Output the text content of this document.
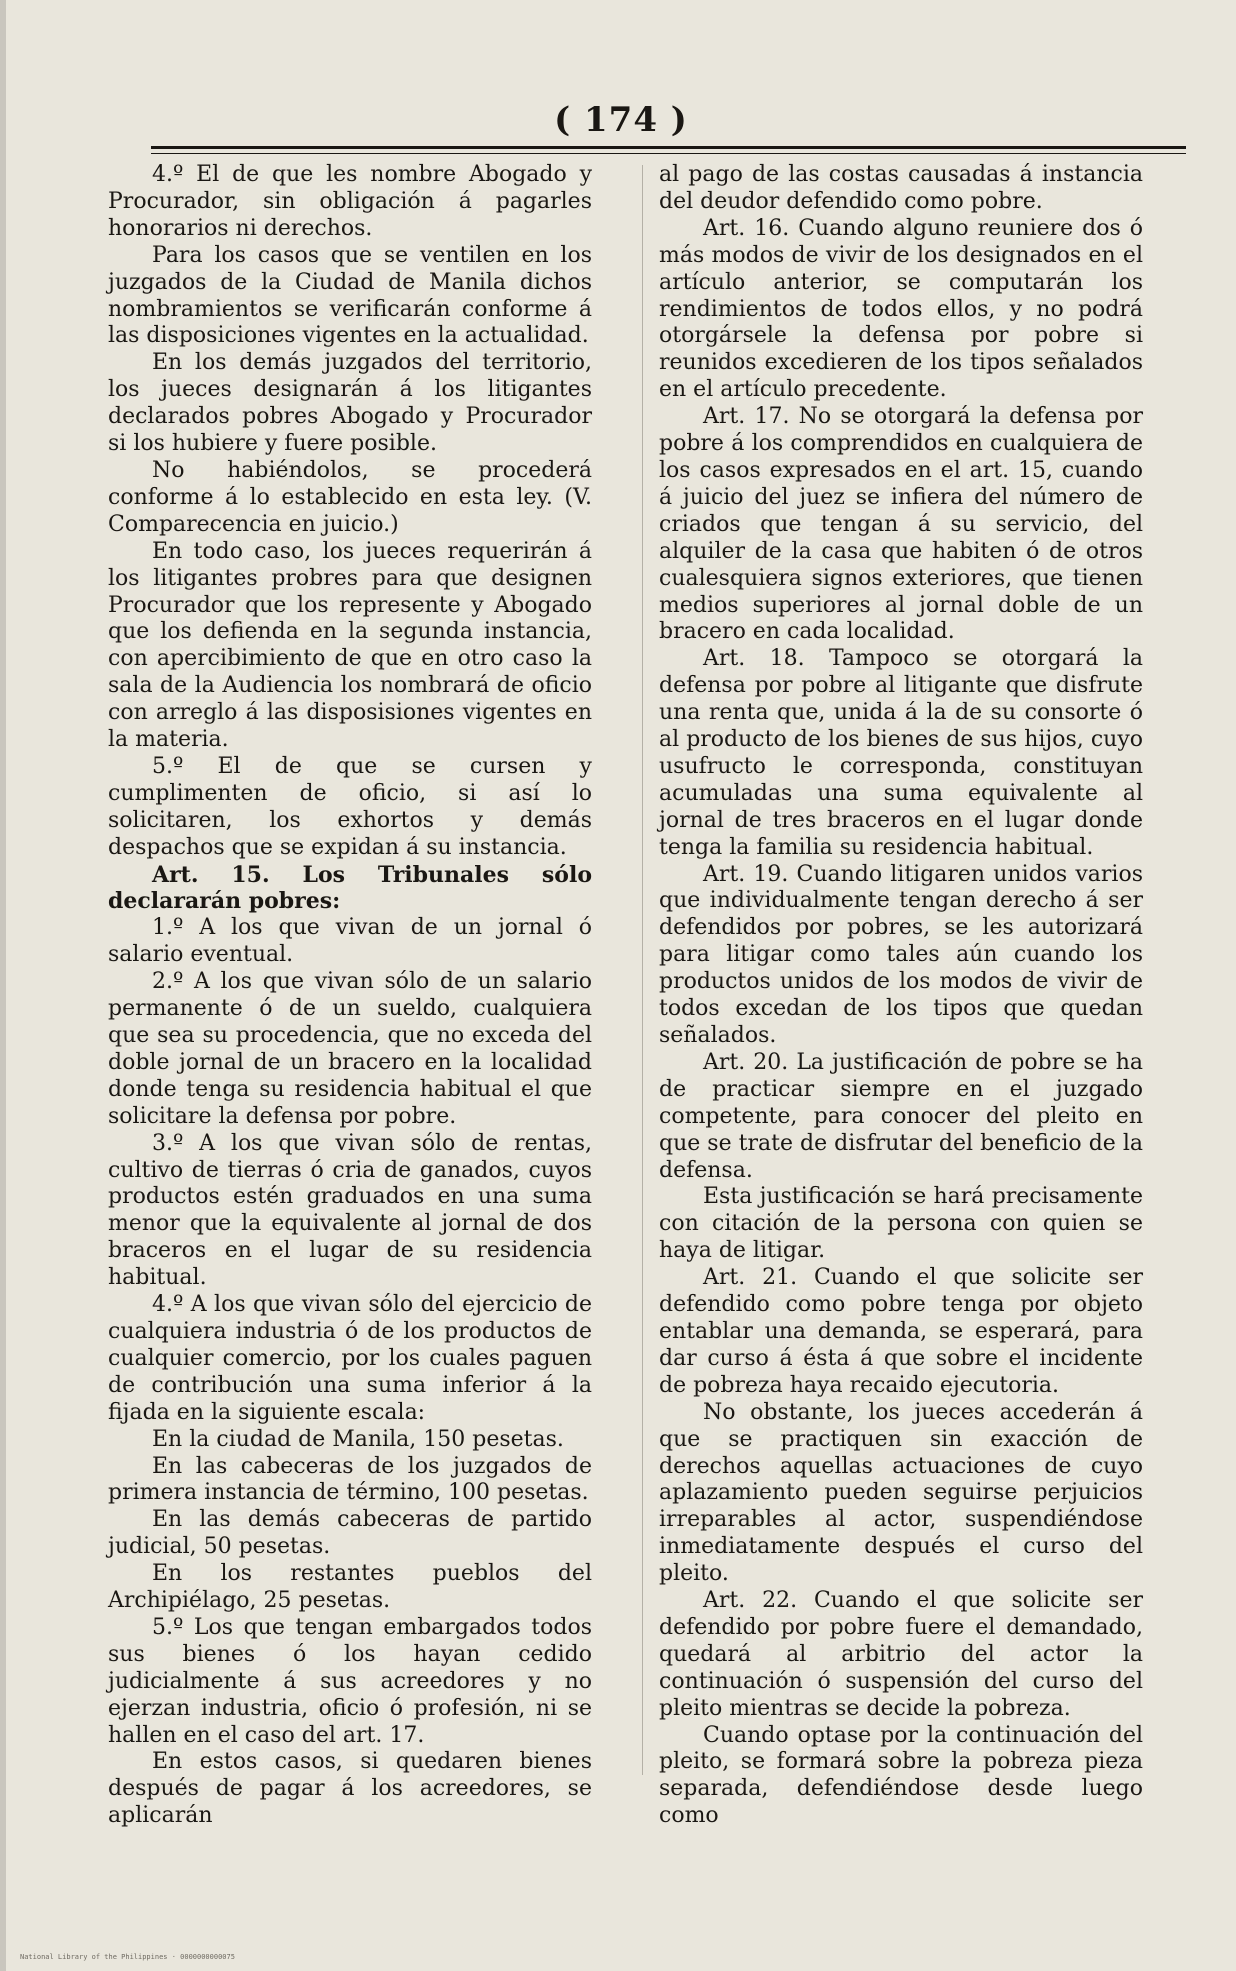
( 174 )

4.º El de que les nombre Abogado y Procurador, sin obligación á pagarles honorarios ni derechos.

Para los casos que se ventilen en los juzgados de la Ciudad de Manila dichos nombramientos se verificarán conforme á las disposiciones vigentes en la actualidad.

En los demás juzgados del territorio, los jueces designarán á los litigantes declarados pobres Abogado y Procurador si los hubiere y fuere posible.

No habiéndolos, se procederá conforme á lo establecido en esta ley. (V. Comparecencia en juicio.)

En todo caso, los jueces requerirán á los litigantes probres para que designen Procurador que los represente y Abogado que los defienda en la segunda instancia, con apercibimiento de que en otro caso la sala de la Audiencia los nombrará de oficio con arreglo á las disposisiones vigentes en la materia.

5.º El de que se cursen y cumplimenten de oficio, si así lo solicitaren, los exhortos y demás despachos que se expidan á su instancia.

Art. 15. Los Tribunales sólo declararán pobres:

1.º A los que vivan de un jornal ó salario eventual.

2.º A los que vivan sólo de un salario permanente ó de un sueldo, cualquiera que sea su procedencia, que no exceda del doble jornal de un bracero en la localidad donde tenga su residencia habitual el que solicitare la defensa por pobre.

3.º A los que vivan sólo de rentas, cultivo de tierras ó cria de ganados, cuyos productos estén graduados en una suma menor que la equivalente al jornal de dos braceros en el lugar de su residencia habitual.

4.º A los que vivan sólo del ejercicio de cualquiera industria ó de los productos de cualquier comercio, por los cuales paguen de contribución una suma inferior á la fijada en la siguiente escala:

En la ciudad de Manila, 150 pesetas.

En las cabeceras de los juzgados de primera instancia de término, 100 pesetas.

En las demás cabeceras de partido judicial, 50 pesetas.

En los restantes pueblos del Archipiélago, 25 pesetas.

5.º Los que tengan embargados todos sus bienes ó los hayan cedido judicialmente á sus acreedores y no ejerzan industria, oficio ó profesión, ni se hallen en el caso del art. 17.

En estos casos, si quedaren bienes después de pagar á los acreedores, se aplicarán

al pago de las costas causadas á instancia del deudor defendido como pobre.

Art. 16. Cuando alguno reuniere dos ó más modos de vivir de los designados en el artículo anterior, se computarán los rendimientos de todos ellos, y no podrá otorgársele la defensa por pobre si reunidos excedieren de los tipos señalados en el artículo precedente.

Art. 17. No se otorgará la defensa por pobre á los comprendidos en cualquiera de los casos expresados en el art. 15, cuando á juicio del juez se infiera del número de criados que tengan á su servicio, del alquiler de la casa que habiten ó de otros cualesquiera signos exteriores, que tienen medios superiores al jornal doble de un bracero en cada localidad.

Art. 18. Tampoco se otorgará la defensa por pobre al litigante que disfrute una renta que, unida á la de su consorte ó al producto de los bienes de sus hijos, cuyo usufructo le corresponda, constituyan acumuladas una suma equivalente al jornal de tres braceros en el lugar donde tenga la familia su residencia habitual.

Art. 19. Cuando litigaren unidos varios que individualmente tengan derecho á ser defendidos por pobres, se les autorizará para litigar como tales aún cuando los productos unidos de los modos de vivir de todos excedan de los tipos que quedan señalados.

Art. 20. La justificación de pobre se ha de practicar siempre en el juzgado competente, para conocer del pleito en que se trate de disfrutar del beneficio de la defensa.

Esta justificación se hará precisamente con citación de la persona con quien se haya de litigar.

Art. 21. Cuando el que solicite ser defendido como pobre tenga por objeto entablar una demanda, se esperará, para dar curso á ésta á que sobre el incidente de pobreza haya recaido ejecutoria.

No obstante, los jueces accederán á que se practiquen sin exacción de derechos aquellas actuaciones de cuyo aplazamiento pueden seguirse perjuicios irreparables al actor, suspendiéndose inmediatamente después el curso del pleito.

Art. 22. Cuando el que solicite ser defendido por pobre fuere el demandado, quedará al arbitrio del actor la continuación ó suspensión del curso del pleito mientras se decide la pobreza.

Cuando optase por la continuación del pleito, se formará sobre la pobreza pieza separada, defendiéndose desde luego como

National Library of the Philippines · 0000000000075
